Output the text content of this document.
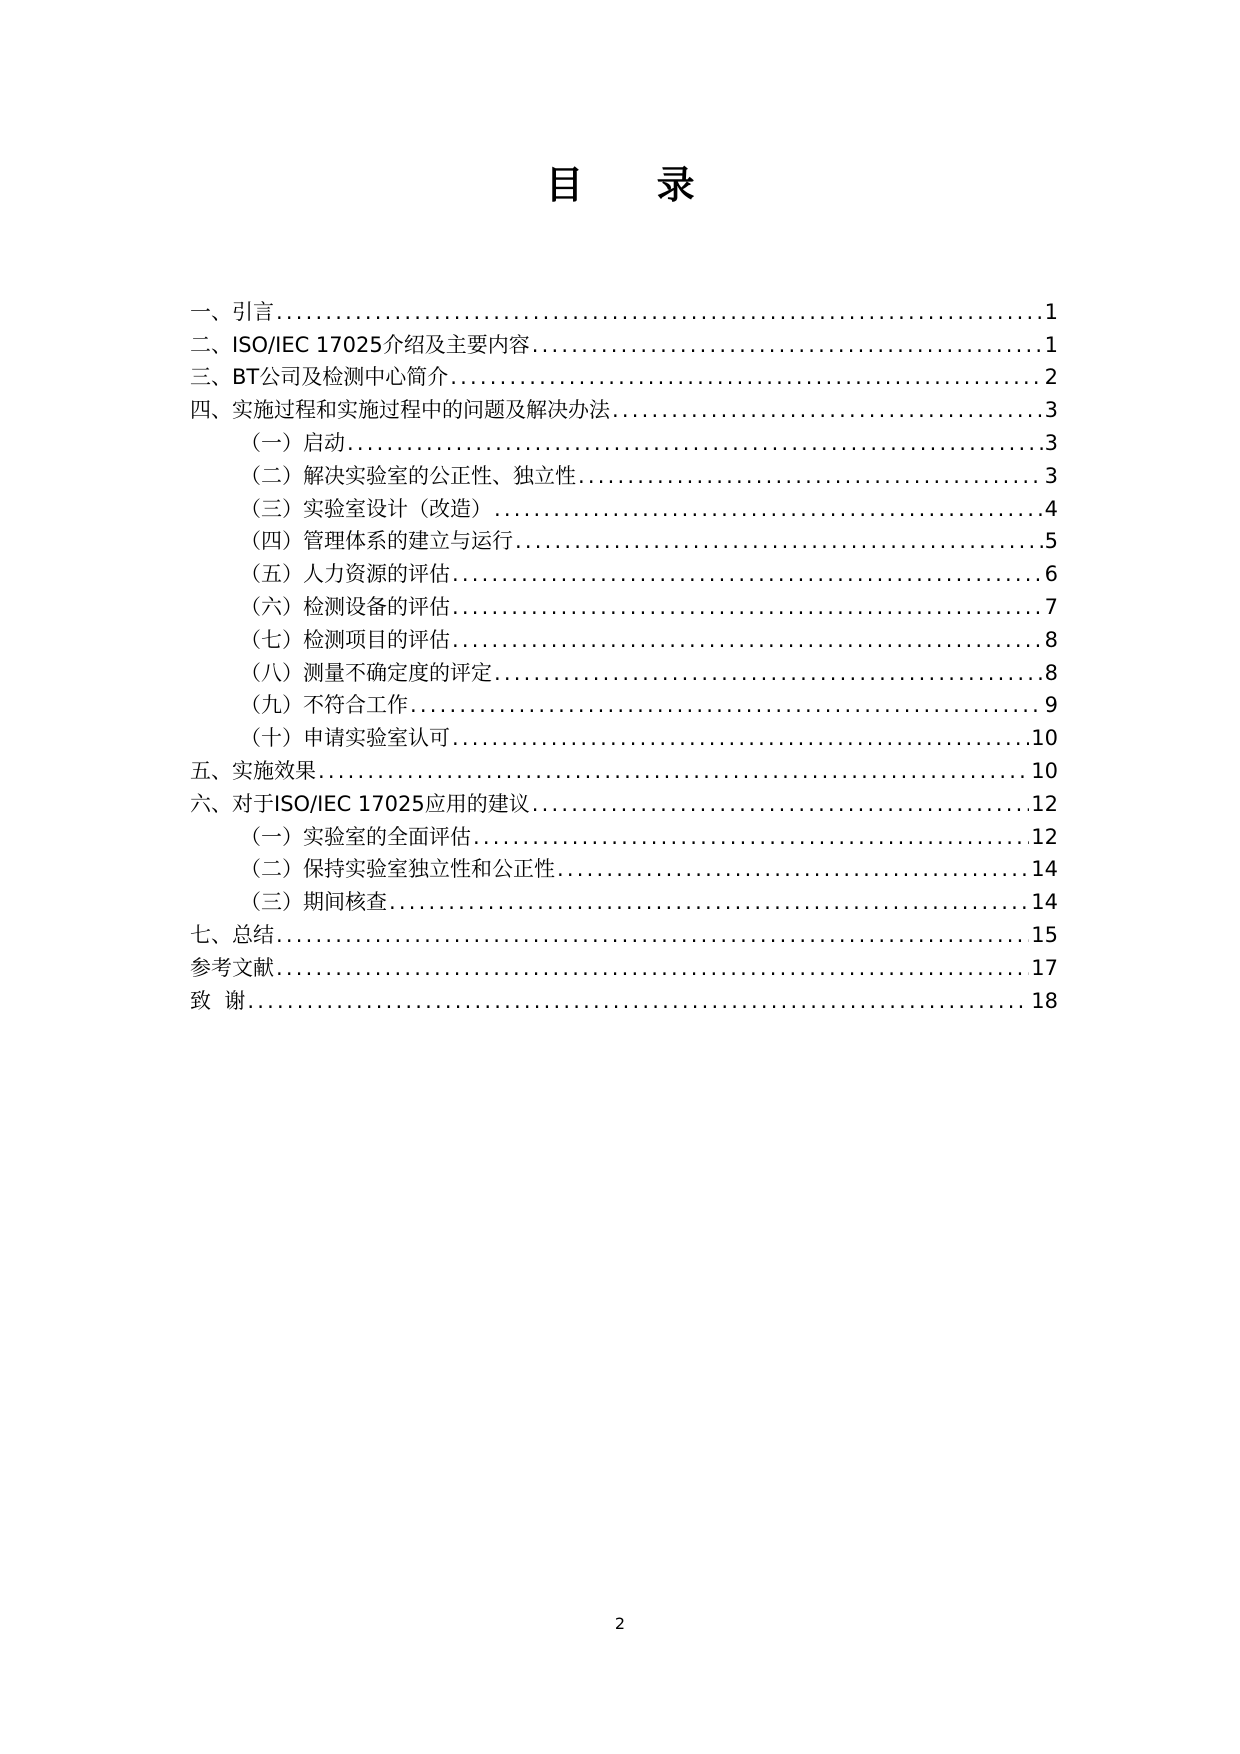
目 录
一、引言 .....	1
二、ISO/IEC 17025介绍及主要内容 .....	1
三、BT公司及检测中心简介 .....	2
四、实施过程和实施过程中的问题及解决办法 .....	3
（一）启动 .....	3
（二）解决实验室的公正性、独立性 .....	3
（三）实验室设计（改造） .....	4
（四）管理体系的建立与运行 .....	5
（五）人力资源的评估 .....	6
（六）检测设备的评估 .....	7
（七）检测项目的评估 .....	8
（八）测量不确定度的评定 .....	8
（九）不符合工作 .....	9
（十）申请实验室认可 .....	10
五、实施效果 .....	10
六、对于ISO/IEC 17025应用的建议 .....	12
（一）实验室的全面评估 .....	12
（二）保持实验室独立性和公正性 .....	14
（三）期间核查 .....	14
七、总结 .....	15
参考文献 .....	17
致  谢 .....	18
2
